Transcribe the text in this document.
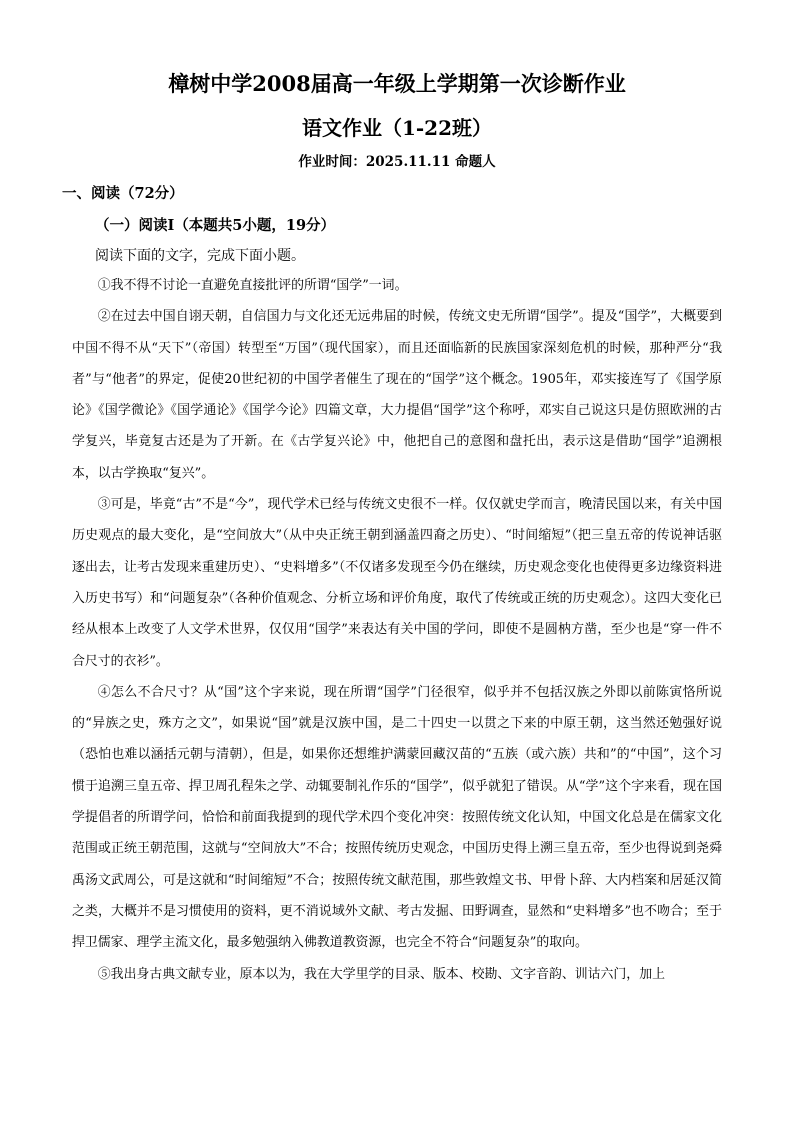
樟树中学2008届高一年级上学期第一次诊断作业
语文作业（1-22班）
作业时间：2025.11.11 命题人
一、阅读（72分）
（一）阅读Ⅰ（本题共5小题，19分）
阅读下面的文字，完成下面小题。

①我不得不讨论一直避免直接批评的所谓“国学”一词。

②在过去中国自诩天朝，自信国力与文化还无远弗届的时候，传统文史无所谓“国学”。提及“国学”，大概要到中国不得不从“天下”（帝国）转型至“万国”（现代国家），而且还面临新的民族国家深刻危机的时候，那种严分“我者”与“他者”的界定，促使20世纪初的中国学者催生了现在的“国学”这个概念。1905年，邓实接连写了《国学原论》《国学微论》《国学通论》《国学今论》四篇文章，大力提倡“国学”这个称呼，邓实自己说这只是仿照欧洲的古学复兴，毕竟复古还是为了开新。在《古学复兴论》中，他把自己的意图和盘托出，表示这是借助“国学”追溯根本，以古学换取“复兴”。

③可是，毕竟“古”不是“今”，现代学术已经与传统文史很不一样。仅仅就史学而言，晚清民国以来，有关中国历史观点的最大变化，是“空间放大”（从中央正统王朝到涵盖四裔之历史）、“时间缩短”（把三皇五帝的传说神话驱逐出去，让考古发现来重建历史）、“史料增多”（不仅诸多发现至今仍在继续，历史观念变化也使得更多边缘资料进入历史书写）和“问题复杂”（各种价值观念、分析立场和评价角度，取代了传统或正统的历史观念）。这四大变化已经从根本上改变了人文学术世界，仅仅用“国学”来表达有关中国的学问，即使不是圆枘方凿，至少也是“穿一件不合尺寸的衣衫”。

④怎么不合尺寸？从“国”这个字来说，现在所谓“国学”门径很窄，似乎并不包括汉族之外即以前陈寅恪所说的“异族之史，殊方之文”，如果说“国”就是汉族中国，是二十四史一以贯之下来的中原王朝，这当然还勉强好说（恐怕也难以涵括元朝与清朝），但是，如果你还想维护满蒙回藏汉苗的“五族（或六族）共和”的“中国”，这个习惯于追溯三皇五帝、捍卫周孔程朱之学、动辄要制礼作乐的“国学”，似乎就犯了错误。从“学”这个字来看，现在国学提倡者的所谓学问，恰恰和前面我提到的现代学术四个变化冲突：按照传统文化认知，中国文化总是在儒家文化范围或正统王朝范围，这就与“空间放大”不合；按照传统历史观念，中国历史得上溯三皇五帝，至少也得说到尧舜禹汤文武周公，可是这就和“时间缩短”不合；按照传统文献范围，那些敦煌文书、甲骨卜辞、大内档案和居延汉简之类，大概并不是习惯使用的资料，更不消说域外文献、考古发掘、田野调查，显然和“史料增多”也不吻合；至于捍卫儒家、理学主流文化，最多勉强纳入佛教道教资源，也完全不符合“问题复杂”的取向。

⑤我出身古典文献专业，原本以为，我在大学里学的目录、版本、校勘、文字音韵、训诂六门，加上
